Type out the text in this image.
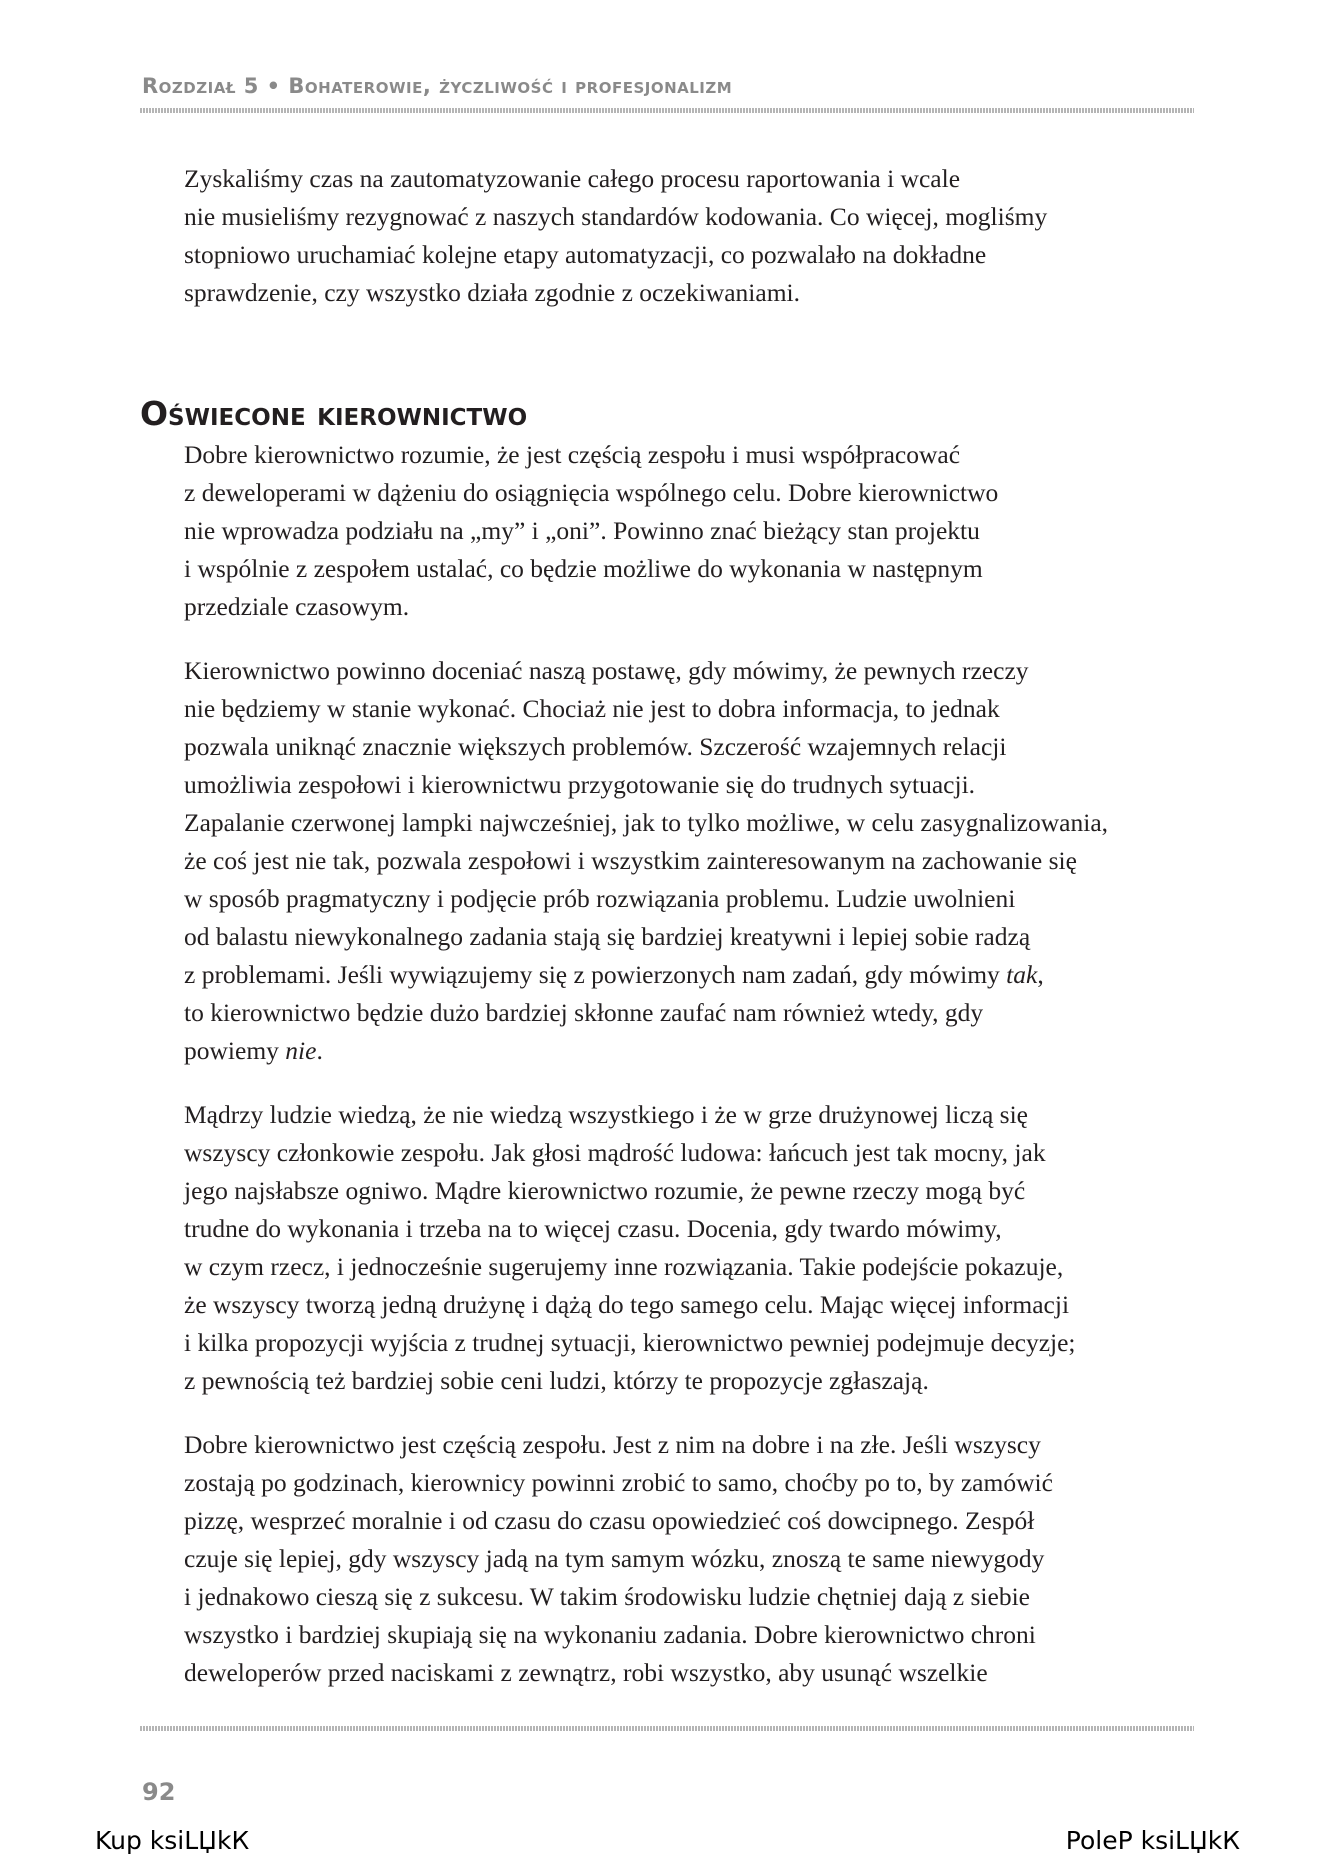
Rozdział 5 • Bohaterowie, życzliwość i profesjonalizm

Zyskaliśmy czas na zautomatyzowanie całego procesu raportowania i wcale
nie musieliśmy rezygnować z naszych standardów kodowania. Co więcej, mogliśmy
stopniowo uruchamiać kolejne etapy automatyzacji, co pozwalało na dokładne
sprawdzenie, czy wszystko działa zgodnie z oczekiwaniami.

Oświecone kierownictwo

Dobre kierownictwo rozumie, że jest częścią zespołu i musi współpracować
z deweloperami w dążeniu do osiągnięcia wspólnego celu. Dobre kierownictwo
nie wprowadza podziału na „my” i „oni”. Powinno znać bieżący stan projektu
i wspólnie z zespołem ustalać, co będzie możliwe do wykonania w następnym
przedziale czasowym.

Kierownictwo powinno doceniać naszą postawę, gdy mówimy, że pewnych rzeczy
nie będziemy w stanie wykonać. Chociaż nie jest to dobra informacja, to jednak
pozwala uniknąć znacznie większych problemów. Szczerość wzajemnych relacji
umożliwia zespołowi i kierownictwu przygotowanie się do trudnych sytuacji.
Zapalanie czerwonej lampki najwcześniej, jak to tylko możliwe, w celu zasygnalizowania,
że coś jest nie tak, pozwala zespołowi i wszystkim zainteresowanym na zachowanie się
w sposób pragmatyczny i podjęcie prób rozwiązania problemu. Ludzie uwolnieni
od balastu niewykonalnego zadania stają się bardziej kreatywni i lepiej sobie radzą
z problemami. Jeśli wywiązujemy się z powierzonych nam zadań, gdy mówimy tak,
to kierownictwo będzie dużo bardziej skłonne zaufać nam również wtedy, gdy
powiemy nie.

Mądrzy ludzie wiedzą, że nie wiedzą wszystkiego i że w grze drużynowej liczą się
wszyscy członkowie zespołu. Jak głosi mądrość ludowa: łańcuch jest tak mocny, jak
jego najsłabsze ogniwo. Mądre kierownictwo rozumie, że pewne rzeczy mogą być
trudne do wykonania i trzeba na to więcej czasu. Docenia, gdy twardo mówimy,
w czym rzecz, i jednocześnie sugerujemy inne rozwiązania. Takie podejście pokazuje,
że wszyscy tworzą jedną drużynę i dążą do tego samego celu. Mając więcej informacji
i kilka propozycji wyjścia z trudnej sytuacji, kierownictwo pewniej podejmuje decyzje;
z pewnością też bardziej sobie ceni ludzi, którzy te propozycje zgłaszają.

Dobre kierownictwo jest częścią zespołu. Jest z nim na dobre i na złe. Jeśli wszyscy
zostają po godzinach, kierownicy powinni zrobić to samo, choćby po to, by zamówić
pizzę, wesprzeć moralnie i od czasu do czasu opowiedzieć coś dowcipnego. Zespół
czuje się lepiej, gdy wszyscy jadą na tym samym wózku, znoszą te same niewygody
i jednakowo cieszą się z sukcesu. W takim środowisku ludzie chętniej dają z siebie
wszystko i bardziej skupiają się na wykonaniu zadania. Dobre kierownictwo chroni
deweloperów przed naciskami z zewnątrz, robi wszystko, aby usunąć wszelkie

92
Kup ksiLЏkК	PoleР ksiLЏkК
